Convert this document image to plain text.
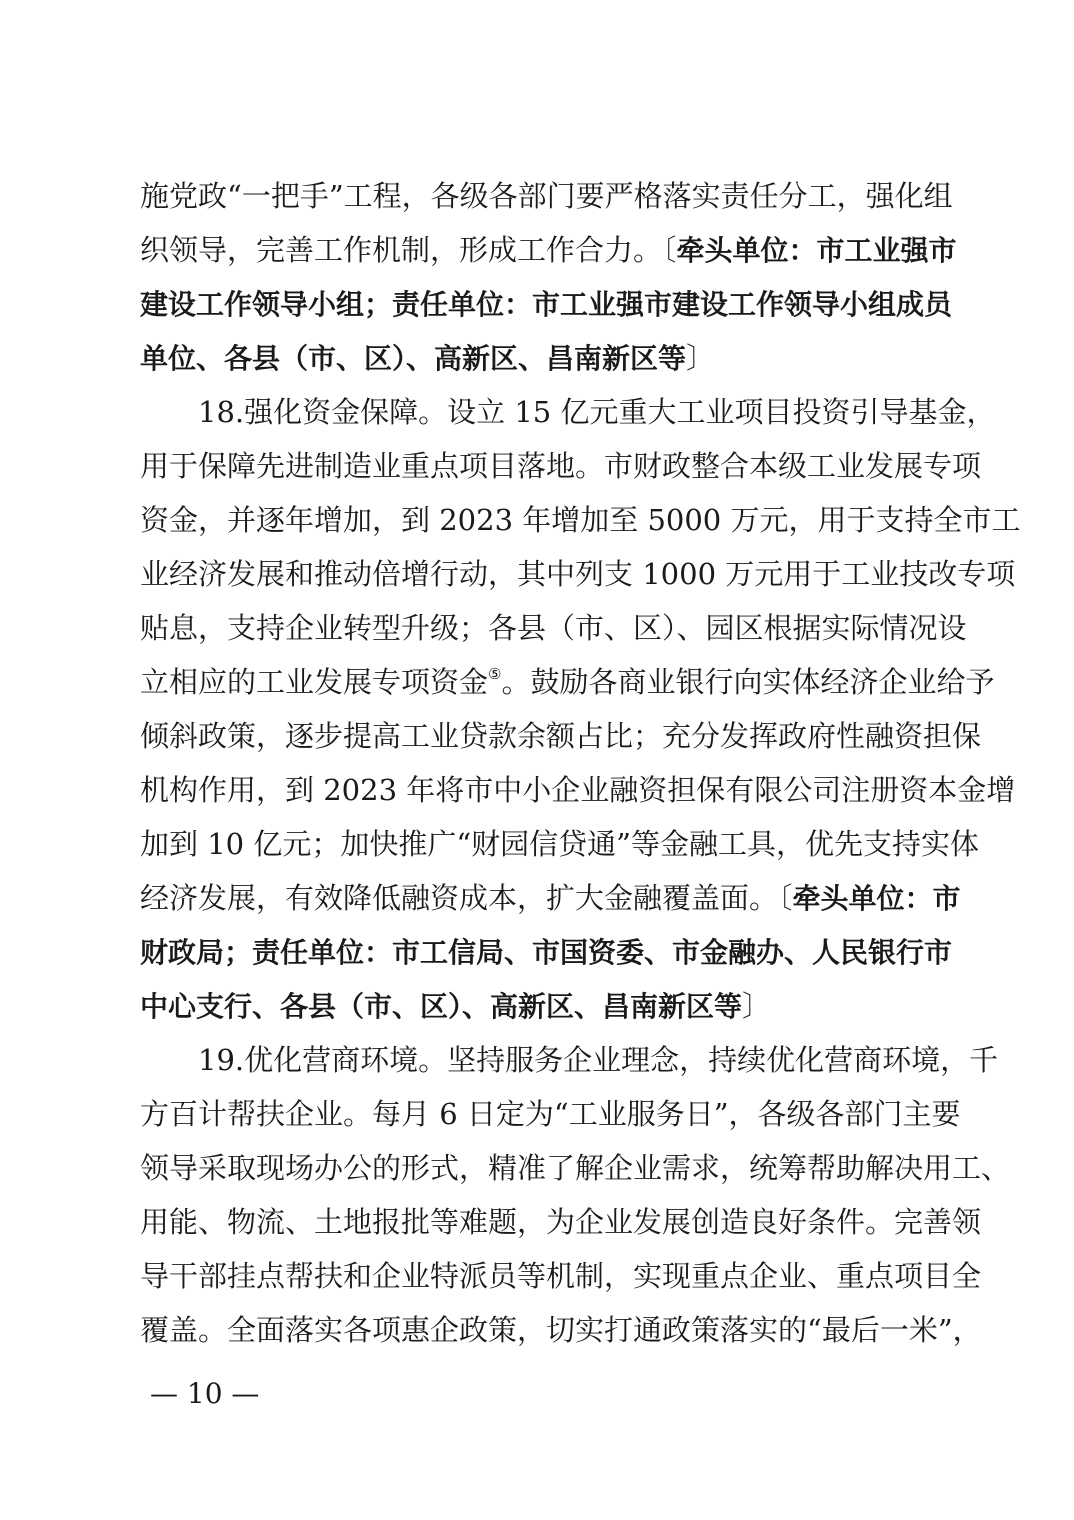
施党政“一把手”工程，各级各部门要严格落实责任分工，强化组
织领导，完善工作机制，形成工作合力。〔牵头单位：市工业强市
建设工作领导小组；责任单位：市工业强市建设工作领导小组成员
单位、各县（市、区）、高新区、昌南新区等〕
18.强化资金保障。设立 15 亿元重大工业项目投资引导基金，
用于保障先进制造业重点项目落地。市财政整合本级工业发展专项
资金，并逐年增加，到 2023 年增加至 5000 万元，用于支持全市工
业经济发展和推动倍增行动，其中列支 1000 万元用于工业技改专项
贴息，支持企业转型升级；各县（市、区）、园区根据实际情况设
立相应的工业发展专项资金⑤。鼓励各商业银行向实体经济企业给予
倾斜政策，逐步提高工业贷款余额占比；充分发挥政府性融资担保
机构作用，到 2023 年将市中小企业融资担保有限公司注册资本金增
加到 10 亿元；加快推广“财园信贷通”等金融工具，优先支持实体
经济发展，有效降低融资成本，扩大金融覆盖面。〔牵头单位：市
财政局；责任单位：市工信局、市国资委、市金融办、人民银行市
中心支行、各县（市、区）、高新区、昌南新区等〕
19.优化营商环境。坚持服务企业理念，持续优化营商环境，千
方百计帮扶企业。每月 6 日定为“工业服务日”，各级各部门主要
领导采取现场办公的形式，精准了解企业需求，统筹帮助解决用工、
用能、物流、土地报批等难题，为企业发展创造良好条件。完善领
导干部挂点帮扶和企业特派员等机制，实现重点企业、重点项目全
覆盖。全面落实各项惠企政策，切实打通政策落实的“最后一米”，
— 10 —
